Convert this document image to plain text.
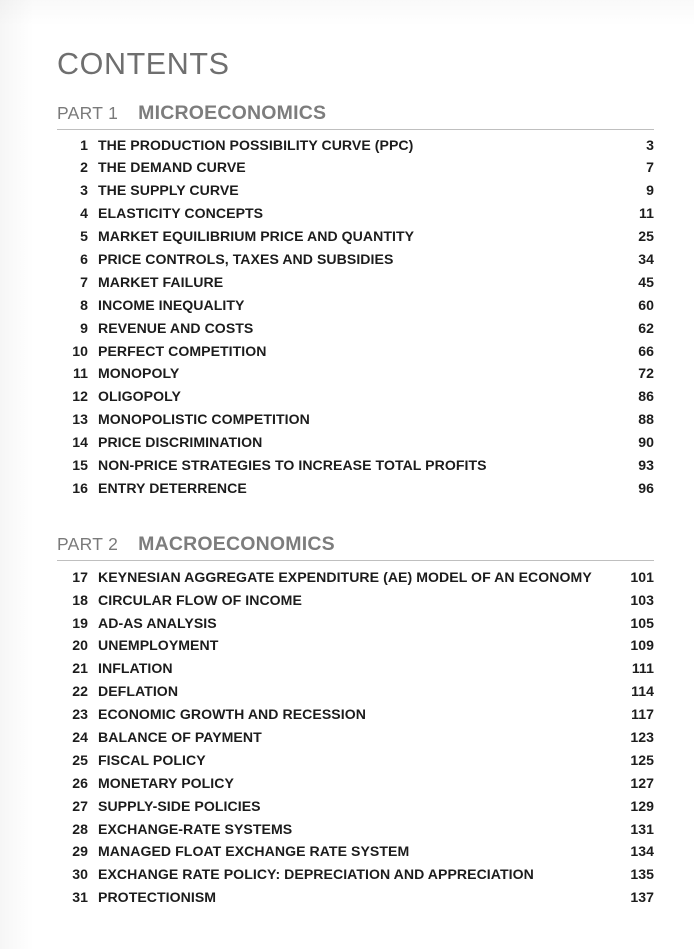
CONTENTS
PART 1 MICROECONOMICS
1 THE PRODUCTION POSSIBILITY CURVE (PPC)	3
2 THE DEMAND CURVE	7
3 THE SUPPLY CURVE	9
4 ELASTICITY CONCEPTS	11
5 MARKET EQUILIBRIUM PRICE AND QUANTITY	25
6 PRICE CONTROLS, TAXES AND SUBSIDIES	34
7 MARKET FAILURE	45
8 INCOME INEQUALITY	60
9 REVENUE AND COSTS	62
10 PERFECT COMPETITION	66
11 MONOPOLY	72
12 OLIGOPOLY	86
13 MONOPOLISTIC COMPETITION	88
14 PRICE DISCRIMINATION	90
15 NON-PRICE STRATEGIES TO INCREASE TOTAL PROFITS	93
16 ENTRY DETERRENCE	96
PART 2 MACROECONOMICS
17 KEYNESIAN AGGREGATE EXPENDITURE (AE) MODEL OF AN ECONOMY	101
18 CIRCULAR FLOW OF INCOME	103
19 AD-AS ANALYSIS	105
20 UNEMPLOYMENT	109
21 INFLATION	111
22 DEFLATION	114
23 ECONOMIC GROWTH AND RECESSION	117
24 BALANCE OF PAYMENT	123
25 FISCAL POLICY	125
26 MONETARY POLICY	127
27 SUPPLY-SIDE POLICIES	129
28 EXCHANGE-RATE SYSTEMS	131
29 MANAGED FLOAT EXCHANGE RATE SYSTEM	134
30 EXCHANGE RATE POLICY: DEPRECIATION AND APPRECIATION	135
31 PROTECTIONISM	137
